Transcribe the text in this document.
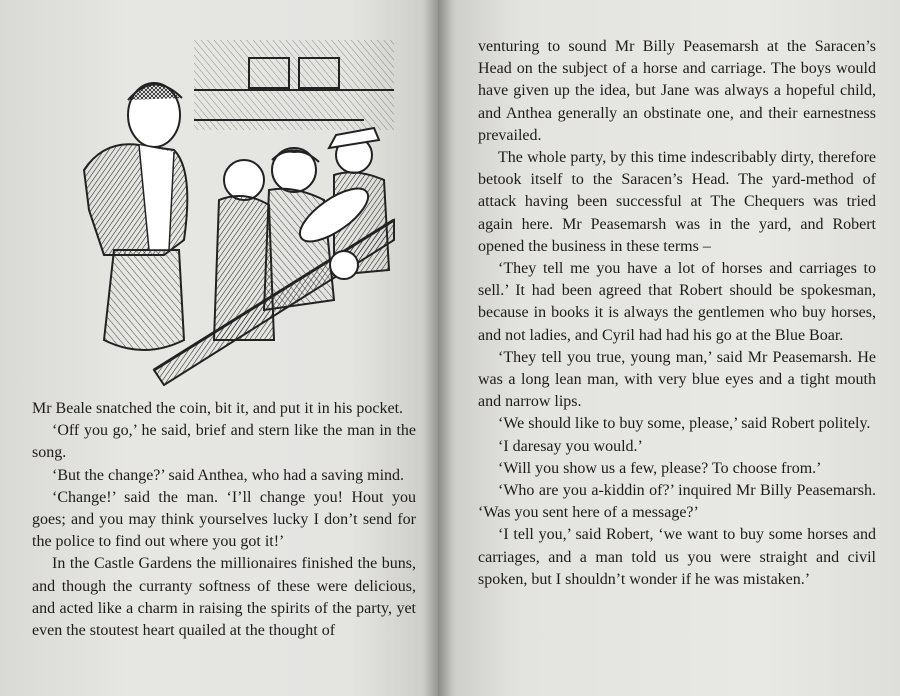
Mr Beale snatched the coin, bit it, and put it in his pocket.

‘Off you go,’ he said, brief and stern like the man in the song.

‘But the change?’ said Anthea, who had a saving mind.

‘Change!’ said the man. ‘I’ll change you! Hout you goes; and you may think yourselves lucky I don’t send for the police to find out where you got it!’

In the Castle Gardens the millionaires finished the buns, and though the curranty softness of these were delicious, and acted like a charm in raising the spirits of the party, yet even the stoutest heart quailed at the thought of

venturing to sound Mr Billy Peasemarsh at the Saracen’s Head on the subject of a horse and carriage. The boys would have given up the idea, but Jane was always a hopeful child, and Anthea generally an obstinate one, and their earnestness prevailed.

The whole party, by this time indescribably dirty, therefore betook itself to the Saracen’s Head. The yard-method of attack having been successful at The Chequers was tried again here. Mr Peasemarsh was in the yard, and Robert opened the business in these terms –

‘They tell me you have a lot of horses and carriages to sell.’ It had been agreed that Robert should be spokesman, because in books it is always the gentlemen who buy horses, and not ladies, and Cyril had had his go at the Blue Boar.

‘They tell you true, young man,’ said Mr Peasemarsh. He was a long lean man, with very blue eyes and a tight mouth and narrow lips.

‘We should like to buy some, please,’ said Robert politely.

‘I daresay you would.’

‘Will you show us a few, please? To choose from.’

‘Who are you a-kiddin of?’ inquired Mr Billy Peasemarsh. ‘Was you sent here of a message?’

‘I tell you,’ said Robert, ‘we want to buy some horses and carriages, and a man told us you were straight and civil spoken, but I shouldn’t wonder if he was mistaken.’
